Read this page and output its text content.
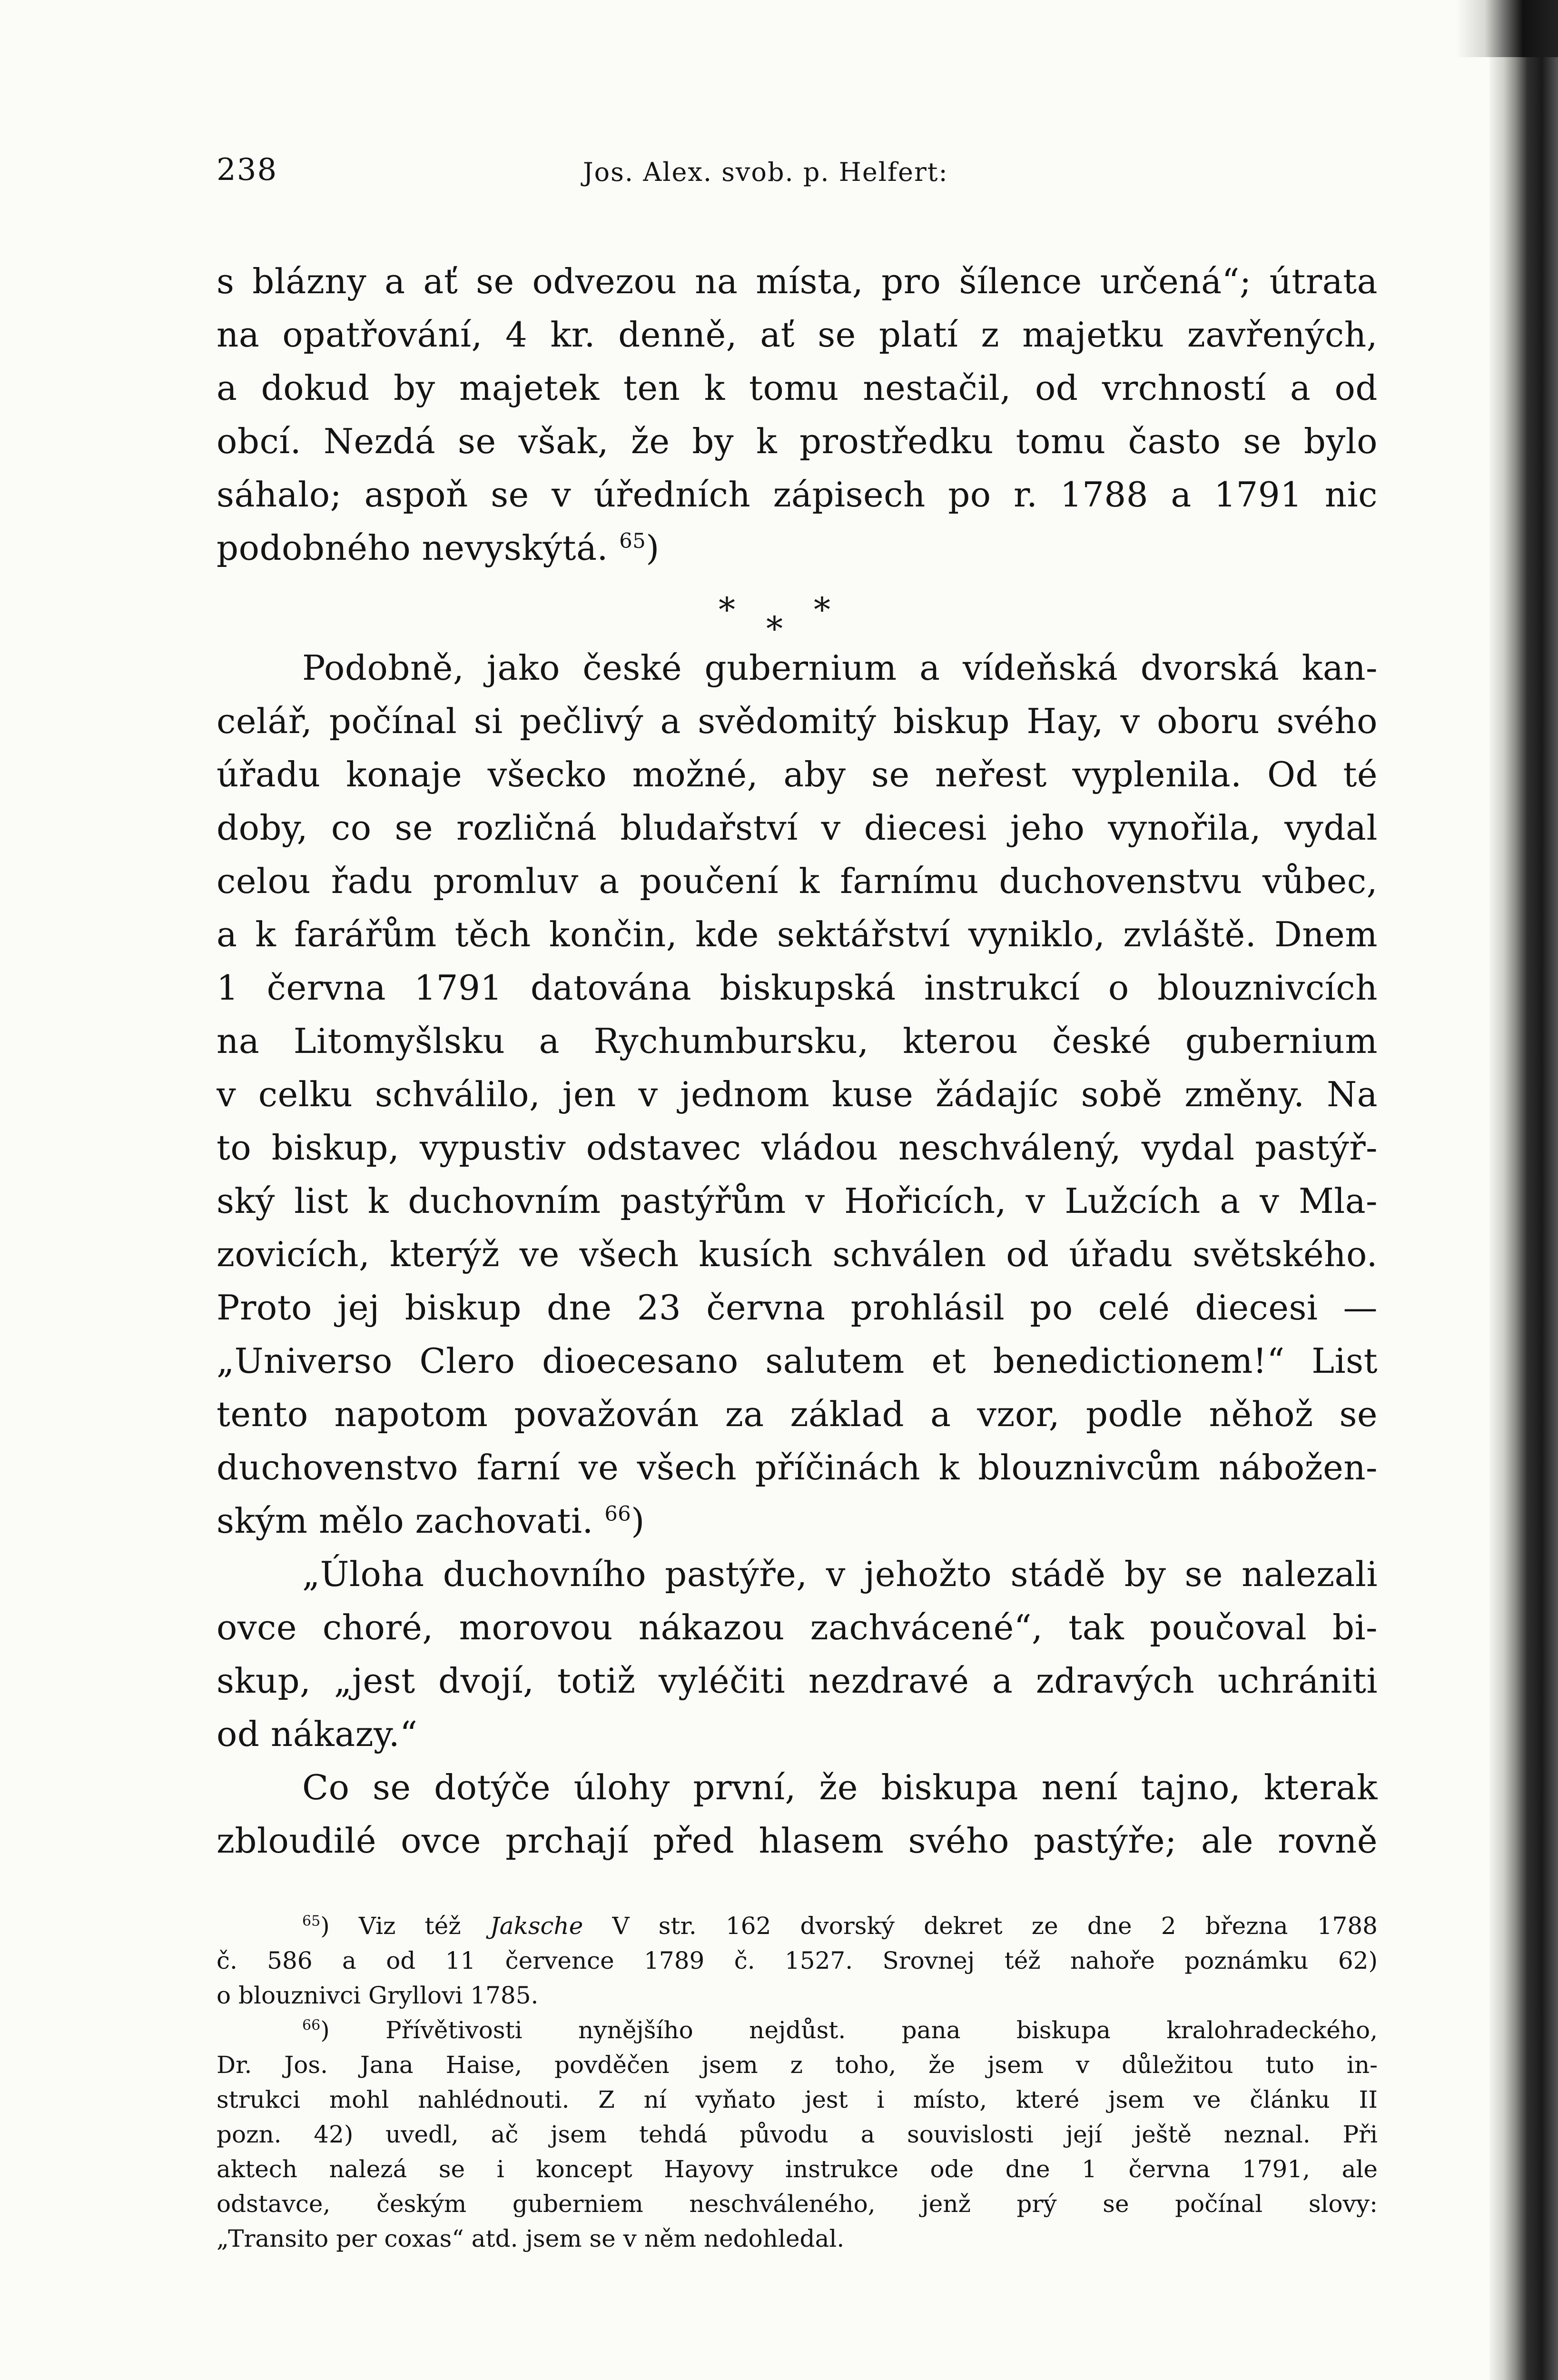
238	Jos. Alex. svob. p. Helfert:
s blázny a ať se odvezou na místa, pro šílence určená“; útrata
na opatřování, 4 kr. denně, ať se platí z majetku zavřených,
a dokud by majetek ten k tomu nestačil, od vrchností a od
obcí. Nezdá se však, že by k prostředku tomu často se bylo
sáhalo; aspoň se v úředních zápisech po r. 1788 a 1791 nic
podobného nevyskýtá. $^{65}$)
Podobně, jako české gubernium a vídeňská dvorská kan-
celář, počínal si pečlivý a svědomitý biskup Hay, v oboru svého
úřadu konaje všecko možné, aby se neřest vyplenila. Od té
doby, co se rozličná bludařství v diecesi jeho vynořila, vydal
celou řadu promluv a poučení k farnímu duchovenstvu vůbec,
a k farářům těch končin, kde sektářství vyniklo, zvláště. Dnem
1 června 1791 datována biskupská instrukcí o blouznivcích
na Litomyšlsku a Rychumbursku, kterou české gubernium
v celku schválilo, jen v jednom kuse žádajíc sobě změny. Na
to biskup, vypustiv odstavec vládou neschválený, vydal pastýř-
ský list k duchovním pastýřům v Hořicích, v Lužcích a v Mla-
zovicích, kterýž ve všech kusích schválen od úřadu světského.
Proto jej biskup dne 23 června prohlásil po celé diecesi —
„Universo Clero dioecesano salutem et benedictionem!“ List
tento napotom považován za základ a vzor, podle něhož se
duchovenstvo farní ve všech příčinách k blouznivcům nábožen-
ským mělo zachovati. $^{66}$)
„Úloha duchovního pastýře, v jehožto stádě by se nalezali
ovce choré, morovou nákazou zachvácené“, tak poučoval bi-
skup, „jest dvojí, totiž vyléčiti nezdravé a zdravých uchrániti
od nákazy.“
Co se dotýče úlohy první, že biskupa není tajno, kterak
zbloudilé ovce prchají před hlasem svého pastýře; ale rovně
* * *
$^{65}$) Viz též Jaksche V str. 162 dvorský dekret ze dne 2 března 1788
č. 586 a od 11 července 1789 č. 1527. Srovnej též nahoře poznámku 62)
o blouznivci Gryllovi 1785.
$^{66}$) Přívětivosti nynějšího nejdůst. pana biskupa kralohradeckého,
Dr. Jos. Jana Haise, povděčen jsem z toho, že jsem v důležitou tuto in-
strukci mohl nahlédnouti. Z ní vyňato jest i místo, které jsem ve článku II
pozn. 42) uvedl, ač jsem tehdá původu a souvislosti její ještě neznal. Při
aktech nalezá se i koncept Hayovy instrukce ode dne 1 června 1791, ale
odstavce, českým guberniem neschváleného, jenž prý se počínal slovy:
„Transito per coxas“ atd. jsem se v něm nedohledal.
